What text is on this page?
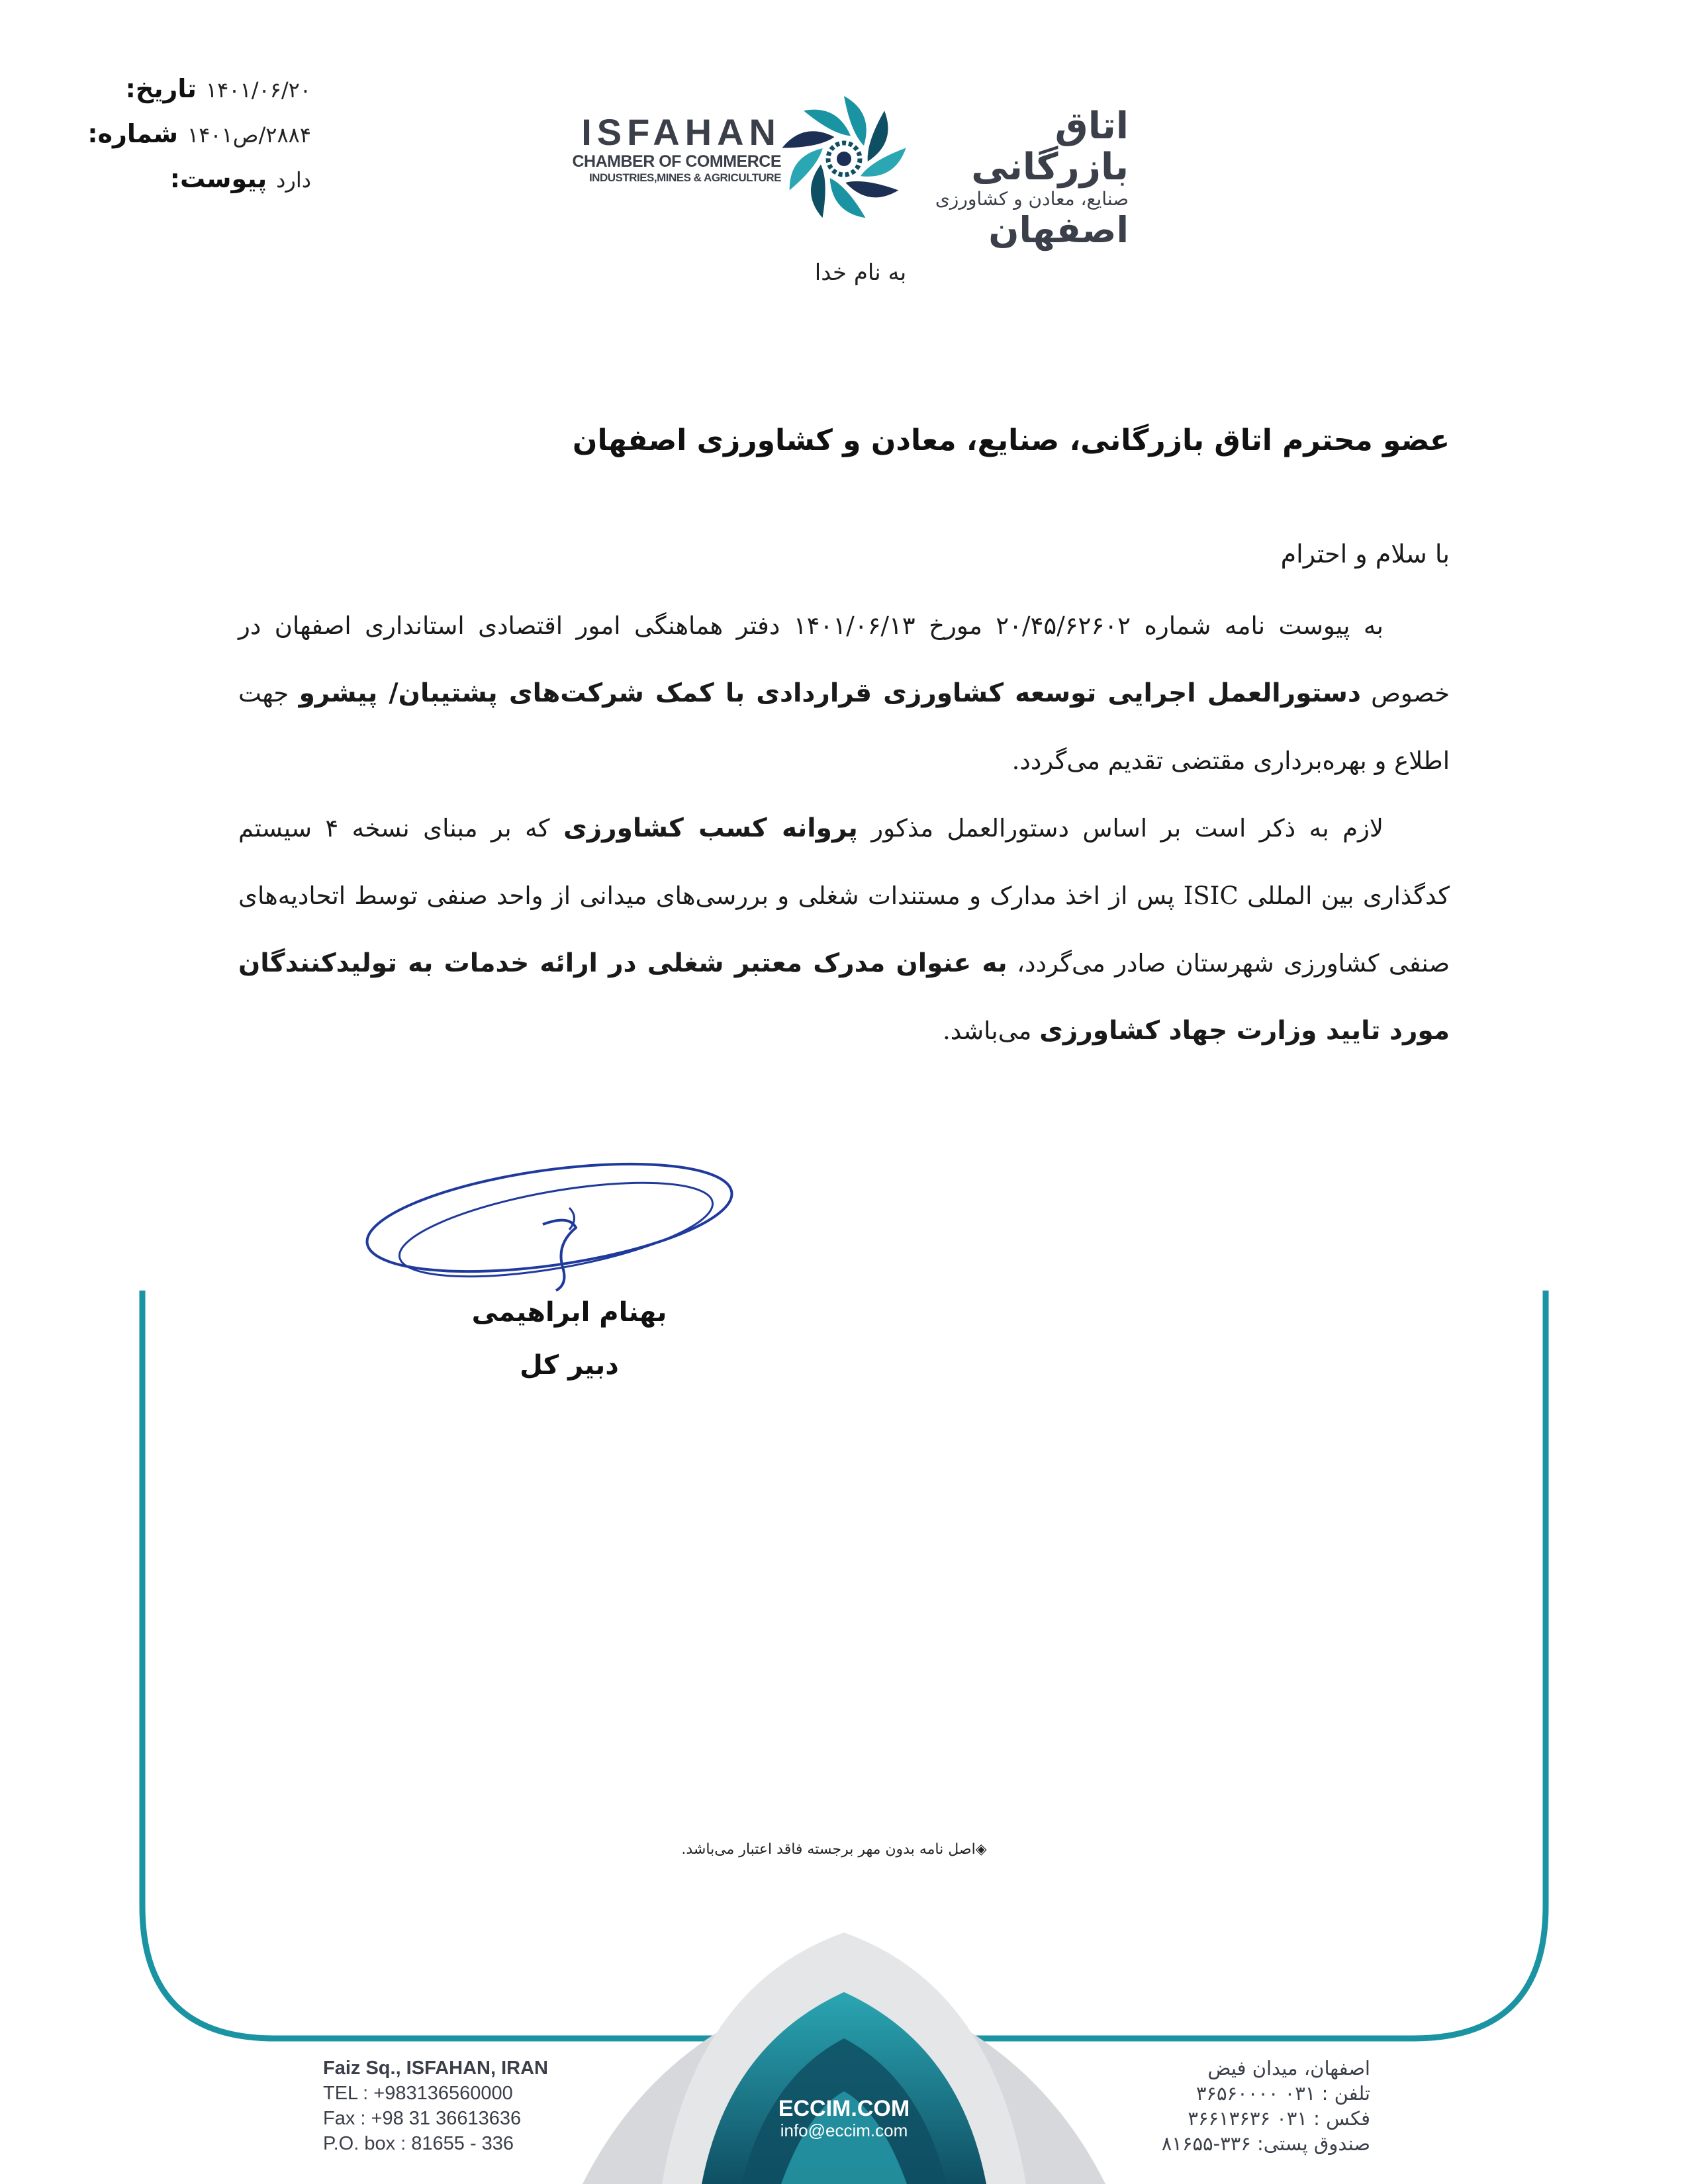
تاریخ: ۱۴۰۱/۰۶/۲۰
شماره: ۲۸۸۴/ص۱۴۰۱
پیوست: دارد
ISFAHAN
CHAMBER OF COMMERCE
INDUSTRIES,MINES & AGRICULTURE
اتاق بازرگانی
صنایع، معادن و کشاورزی
اصفهان
به نام خدا
عضو محترم اتاق بازرگانی، صنایع، معادن و کشاورزی اصفهان
با سلام و احترام

به پیوست نامه شماره ۲۰/۴۵/۶۲۶۰۲ مورخ ۱۴۰۱/۰۶/۱۳ دفتر هماهنگی امور اقتصادی استانداری اصفهان در خصوص دستورالعمل اجرایی توسعه کشاورزی قراردادی با کمک شرکت‌های پشتیبان/ پیشرو جهت اطلاع و بهره‌برداری مقتضی تقدیم می‌گردد.

لازم به ذکر است بر اساس دستورالعمل مذکور پروانه کسب کشاورزی که بر مبنای نسخه ۴ سیستم کدگذاری بین المللی ISIC پس از اخذ مدارک و مستندات شغلی و بررسی‌های میدانی از واحد صنفی توسط اتحادیه‌های صنفی کشاورزی شهرستان صادر می‌گردد، به عنوان مدرک معتبر شغلی در ارائه خدمات به تولیدکنندگان مورد تایید وزارت جهاد کشاورزی می‌باشد.

بهنام ابراهیمی
دبیر کل
◈اصل نامه بدون مهر برجسته فاقد اعتبار می‌باشد.
Faiz Sq., ISFAHAN, IRAN
TEL : +983136560000
Fax : +98 31 36613636
P.O. box : 81655 - 336
ECCIM.COM
info@eccim.com
اصفهان، میدان فیض
تلفن : ۰۳۱ ۳۶۵۶۰۰۰۰
فکس : ۰۳۱ ۳۶۶۱۳۶۳۶
صندوق پستی: ۳۳۶-۸۱۶۵۵
